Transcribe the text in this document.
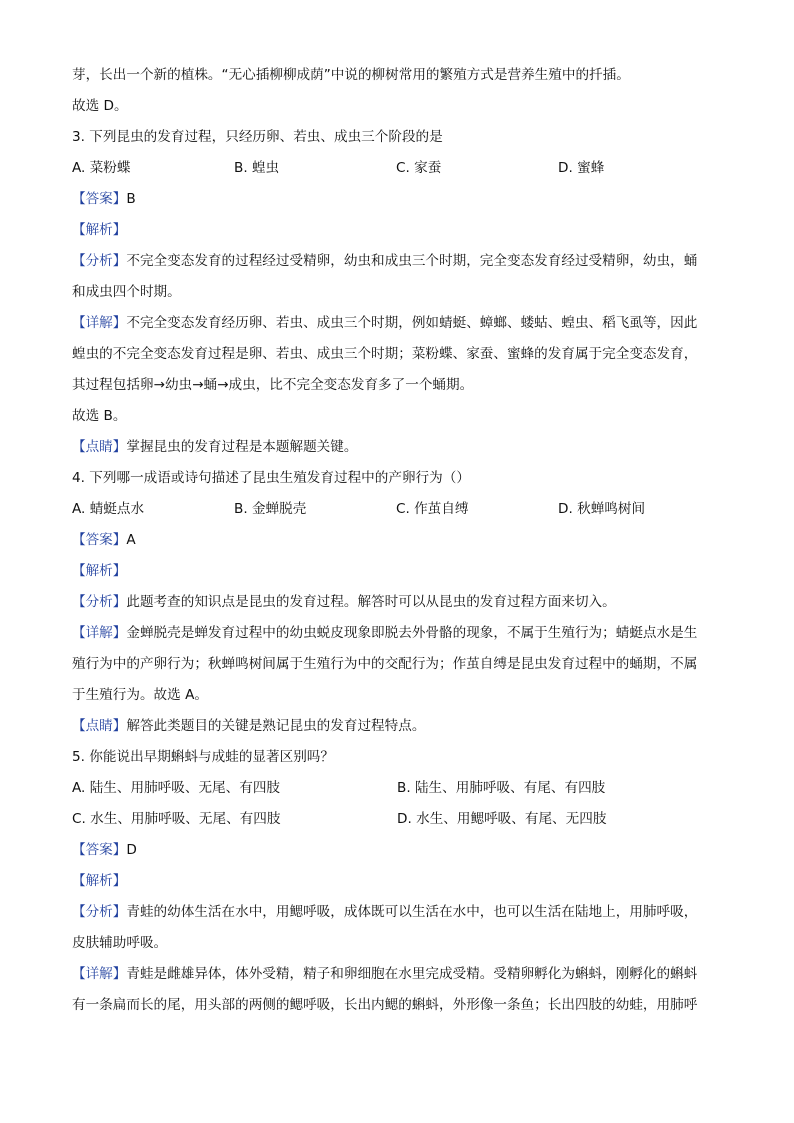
芽，长出一个新的植株。“无心插柳柳成荫”中说的柳树常用的繁殖方式是营养生殖中的扦插。
故选 D。
3. 下列昆虫的发育过程，只经历卵、若虫、成虫三个阶段的是
A. 菜粉蝶	B. 蝗虫	C. 家蚕	D. 蜜蜂
【答案】B
【解析】
【分析】不完全变态发育的过程经过受精卵，幼虫和成虫三个时期，完全变态发育经过受精卵，幼虫，蛹
和成虫四个时期。
【详解】不完全变态发育经历卵、若虫、成虫三个时期，例如蜻蜓、蟑螂、蝼蛄、蝗虫、稻飞虱等，因此
蝗虫的不完全变态发育过程是卵、若虫、成虫三个时期；菜粉蝶、家蚕、蜜蜂的发育属于完全变态发育，
其过程包括卵→幼虫→蛹→成虫，比不完全变态发育多了一个蛹期。
故选 B。
【点睛】掌握昆虫的发育过程是本题解题关键。
4. 下列哪一成语或诗句描述了昆虫生殖发育过程中的产卵行为（）
A. 蜻蜓点水	B. 金蝉脱壳	C. 作茧自缚	D. 秋蝉鸣树间
【答案】A
【解析】
【分析】此题考查的知识点是昆虫的发育过程。解答时可以从昆虫的发育过程方面来切入。
【详解】金蝉脱壳是蝉发育过程中的幼虫蜕皮现象即脱去外骨骼的现象，不属于生殖行为；蜻蜓点水是生
殖行为中的产卵行为；秋蝉鸣树间属于生殖行为中的交配行为；作茧自缚是昆虫发育过程中的蛹期，不属
于生殖行为。故选 A。
【点睛】解答此类题目的关键是熟记昆虫的发育过程特点。
5. 你能说出早期蝌蚪与成蛙的显著区别吗？
A. 陆生、用肺呼吸、无尾、有四肢	B. 陆生、用肺呼吸、有尾、有四肢
C. 水生、用肺呼吸、无尾、有四肢	D. 水生、用鳃呼吸、有尾、无四肢
【答案】D
【解析】
【分析】青蛙的幼体生活在水中，用鳃呼吸，成体既可以生活在水中，也可以生活在陆地上，用肺呼吸，
皮肤辅助呼吸。
【详解】青蛙是雌雄异体，体外受精，精子和卵细胞在水里完成受精。受精卵孵化为蝌蚪，刚孵化的蝌蚪
有一条扁而长的尾，用头部的两侧的鳃呼吸，长出内鳃的蝌蚪，外形像一条鱼；长出四肢的幼蛙，用肺呼
